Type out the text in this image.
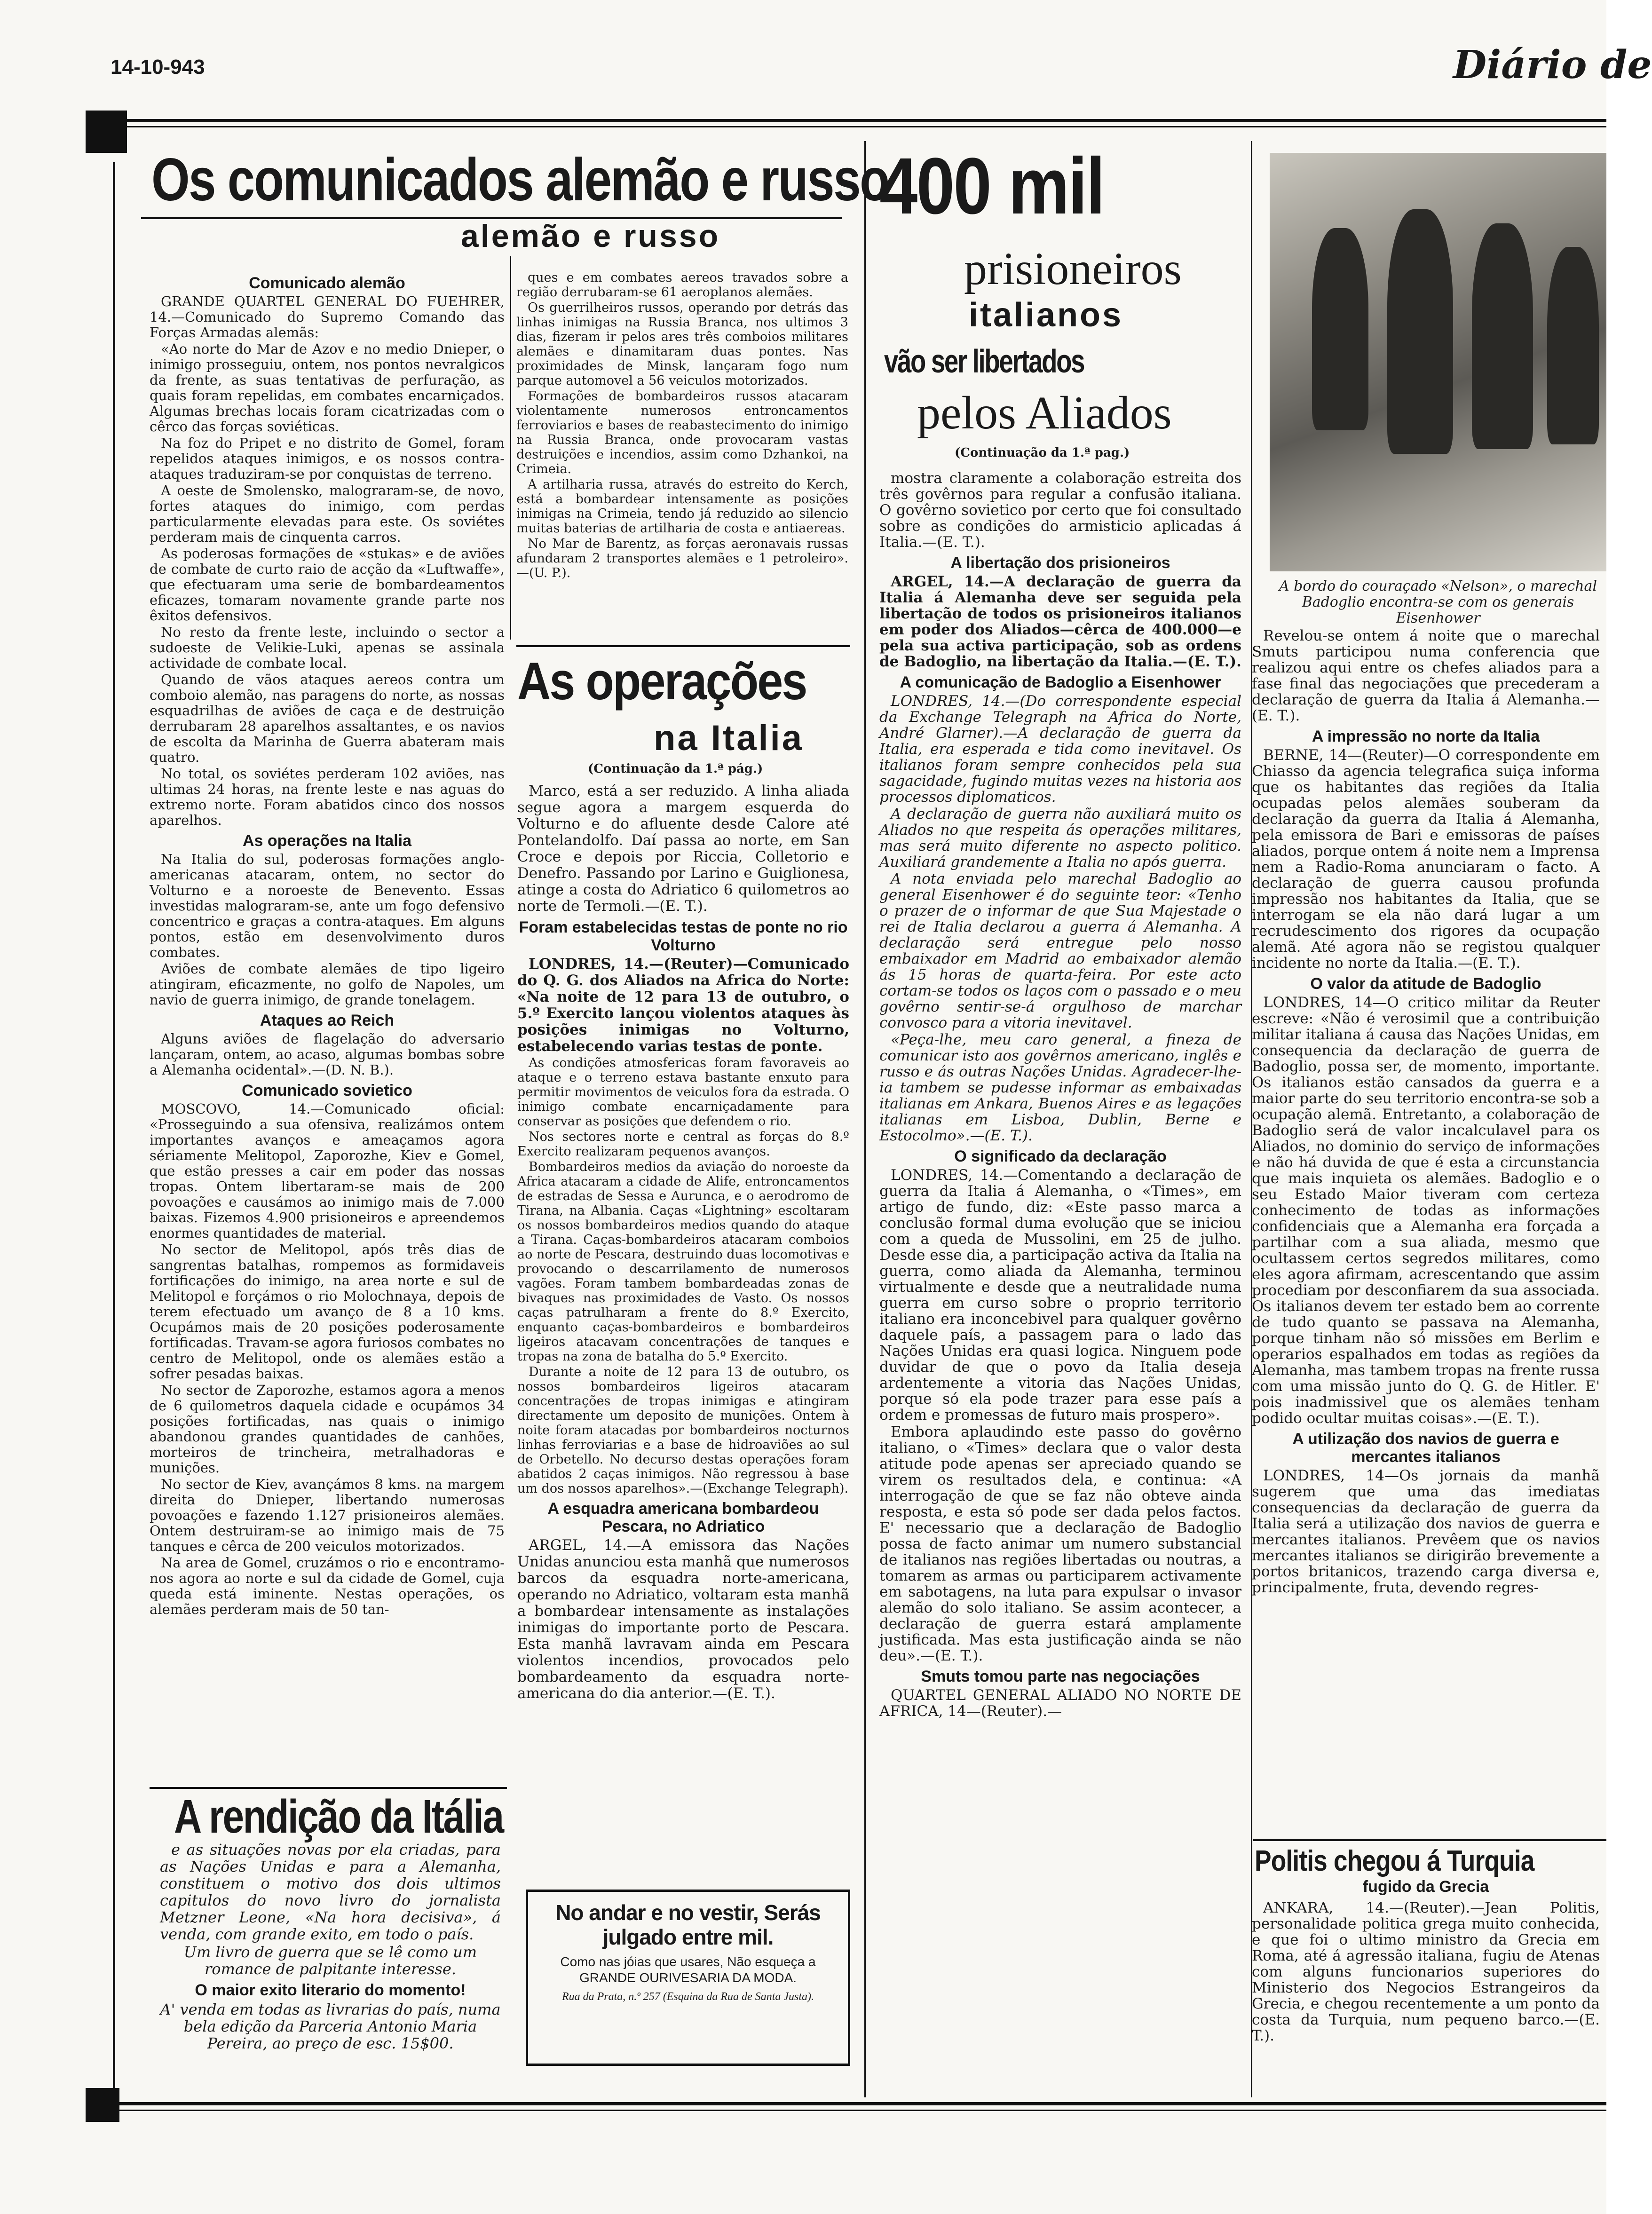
14-10-943	Diário de
Os comunicados alemão e russo
alemão e russo
Comunicado alemão

GRANDE QUARTEL GENERAL DO FUEHRER, 14.—Comunicado do Supremo Comando das Forças Armadas alemãs:

«Ao norte do Mar de Azov e no medio Dnieper, o inimigo prosseguiu, ontem, nos pontos nevralgicos da frente, as suas tentativas de perfuração, as quais foram repelidas, em combates encarniçados. Algumas brechas locais foram cicatrizadas com o cêrco das forças soviéticas.

Na foz do Pripet e no distrito de Gomel, foram repelidos ataques inimigos, e os nossos contra-ataques traduziram-se por conquistas de terreno.

A oeste de Smolensko, malograram-se, de novo, fortes ataques do inimigo, com perdas particularmente elevadas para este. Os soviétes perderam mais de cinquenta carros.

As poderosas formações de «stukas» e de aviões de combate de curto raio de acção da «Luftwaffe», que efectuaram uma serie de bombardeamentos eficazes, tomaram novamente grande parte nos êxitos defensivos.

No resto da frente leste, incluindo o sector a sudoeste de Velikie-Luki, apenas se assinala actividade de combate local.

Quando de vãos ataques aereos contra um comboio alemão, nas paragens do norte, as nossas esquadrilhas de aviões de caça e de destruição derrubaram 28 aparelhos assaltantes, e os navios de escolta da Marinha de Guerra abateram mais quatro.

No total, os soviétes perderam 102 aviões, nas ultimas 24 horas, na frente leste e nas aguas do extremo norte. Foram abatidos cinco dos nossos aparelhos.

As operações na Italia

Na Italia do sul, poderosas formações anglo-americanas atacaram, ontem, no sector do Volturno e a noroeste de Benevento. Essas investidas malograram-se, ante um fogo defensivo concentrico e graças a contra-ataques. Em alguns pontos, estão em desenvolvimento duros combates.

Aviões de combate alemães de tipo ligeiro atingiram, eficazmente, no golfo de Napoles, um navio de guerra inimigo, de grande tonelagem.

Ataques ao Reich

Alguns aviões de flagelação do adversario lançaram, ontem, ao acaso, algumas bombas sobre a Alemanha ocidental».—(D. N. B.).

Comunicado sovietico

MOSCOVO, 14.—Comunicado oficial: «Prosseguindo a sua ofensiva, realizámos ontem importantes avanços e ameaçamos agora sériamente Melitopol, Zaporozhe, Kiev e Gomel, que estão presses a cair em poder das nossas tropas. Ontem libertaram-se mais de 200 povoações e causámos ao inimigo mais de 7.000 baixas. Fizemos 4.900 prisioneiros e apreendemos enormes quantidades de material.

No sector de Melitopol, após três dias de sangrentas batalhas, rompemos as formidaveis fortificações do inimigo, na area norte e sul de Melitopol e forçámos o rio Molochnaya, depois de terem efectuado um avanço de 8 a 10 kms. Ocupámos mais de 20 posições poderosamente fortificadas. Travam-se agora furiosos combates no centro de Melitopol, onde os alemães estão a sofrer pesadas baixas.

No sector de Zaporozhe, estamos agora a menos de 6 quilometros daquela cidade e ocupámos 34 posições fortificadas, nas quais o inimigo abandonou grandes quantidades de canhões, morteiros de trincheira, metralhadoras e munições.

No sector de Kiev, avançámos 8 kms. na margem direita do Dnieper, libertando numerosas povoações e fazendo 1.127 prisioneiros alemães. Ontem destruiram-se ao inimigo mais de 75 tanques e cêrca de 200 veiculos motorizados.

Na area de Gomel, cruzámos o rio e encontramo-nos agora ao norte e sul da cidade de Gomel, cuja queda está iminente. Nestas operações, os alemães perderam mais de 50 tan-

ques e em combates aereos travados sobre a região derrubaram-se 61 aeroplanos alemães.

Os guerrilheiros russos, operando por detrás das linhas inimigas na Russia Branca, nos ultimos 3 dias, fizeram ir pelos ares três comboios militares alemães e dinamitaram duas pontes. Nas proximidades de Minsk, lançaram fogo num parque automovel a 56 veiculos motorizados.

Formações de bombardeiros russos atacaram violentamente numerosos entroncamentos ferroviarios e bases de reabastecimento do inimigo na Russia Branca, onde provocaram vastas destruições e incendios, assim como Dzhankoi, na Crimeia.

A artilharia russa, através do estreito do Kerch, está a bombardear intensamente as posições inimigas na Crimeia, tendo já reduzido ao silencio muitas baterias de artilharia de costa e antiaereas.

No Mar de Barentz, as forças aeronavais russas afundaram 2 transportes alemães e 1 petroleiro».—(U. P.).

As operações
na Italia
(Continuação da 1.ª pág.)

Marco, está a ser reduzido. A linha aliada segue agora a margem esquerda do Volturno e do afluente desde Calore até Pontelandolfo. Daí passa ao norte, em San Croce e depois por Riccia, Colletorio e Denefro. Passando por Larino e Guiglionesa, atinge a costa do Adriatico 6 quilometros ao norte de Termoli.—(E. T.).

Foram estabelecidas testas de ponte no rio Volturno

LONDRES, 14.—(Reuter)—Comunicado do Q. G. dos Aliados na Africa do Norte: «Na noite de 12 para 13 de outubro, o 5.º Exercito lançou violentos ataques às posições inimigas no Volturno, estabelecendo varias testas de ponte.

As condições atmosfericas foram favoraveis ao ataque e o terreno estava bastante enxuto para permitir movimentos de veiculos fora da estrada. O inimigo combate encarniçadamente para conservar as posições que defendem o rio.

Nos sectores norte e central as forças do 8.º Exercito realizaram pequenos avanços.

Bombardeiros medios da aviação do noroeste da Africa atacaram a cidade de Alife, entroncamentos de estradas de Sessa e Aurunca, e o aerodromo de Tirana, na Albania. Caças «Lightning» escoltaram os nossos bombardeiros medios quando do ataque a Tirana. Caças-bombardeiros atacaram comboios ao norte de Pescara, destruindo duas locomotivas e provocando o descarrilamento de numerosos vagões. Foram tambem bombardeadas zonas de bivaques nas proximidades de Vasto. Os nossos caças patrulharam a frente do 8.º Exercito, enquanto caças-bombardeiros e bombardeiros ligeiros atacavam concentrações de tanques e tropas na zona de batalha do 5.º Exercito.

Durante a noite de 12 para 13 de outubro, os nossos bombardeiros ligeiros atacaram concentrações de tropas inimigas e atingiram directamente um deposito de munições. Ontem à noite foram atacadas por bombardeiros nocturnos linhas ferroviarias e a base de hidroaviões ao sul de Orbetello. No decurso destas operações foram abatidos 2 caças inimigos. Não regressou à base um dos nossos aparelhos».—(Exchange Telegraph).

A esquadra americana bombardeou Pescara, no Adriatico

ARGEL, 14.—A emissora das Nações Unidas anunciou esta manhã que numerosos barcos da esquadra norte-americana, operando no Adriatico, voltaram esta manhã a bombardear intensamente as instalações inimigas do importante porto de Pescara. Esta manhã lavravam ainda em Pescara violentos incendios, provocados pelo bombardeamento da esquadra norte-americana do dia anterior.—(E. T.).

A rendição da Itália

e as situações novas por ela criadas, para as Nações Unidas e para a Alemanha, constituem o motivo dos dois ultimos capitulos do novo livro do jornalista Metzner Leone, «Na hora decisiva», á venda, com grande exito, em todo o país.

Um livro de guerra que se lê como um romance de palpitante interesse.

O maior exito literario do momento!

A' venda em todas as livrarias do país, numa bela edição da Parceria Antonio Maria Pereira, ao preço de esc. 15$00.

No andar e no vestir, Serás julgado entre mil.
Como nas jóias que usares, Não esqueça a GRANDE OURIVESARIA DA MODA.
Rua da Prata, n.º 257 (Esquina da Rua de Santa Justa).
400 mil
prisioneiros
italianos
vão ser libertados
pelos Aliados
(Continuação da 1.ª pag.)

mostra claramente a colaboração estreita dos três govêrnos para regular a confusão italiana. O govêrno sovietico por certo que foi consultado sobre as condições do armisticio aplicadas á Italia.—(E. T.).

A libertação dos prisioneiros

ARGEL, 14.—A declaração de guerra da Italia á Alemanha deve ser seguida pela libertação de todos os prisioneiros italianos em poder dos Aliados—cêrca de 400.000—e pela sua activa participação, sob as ordens de Badoglio, na libertação da Italia.—(E. T.).

A comunicação de Badoglio a Eisenhower

LONDRES, 14.—(Do correspondente especial da Exchange Telegraph na Africa do Norte, André Glarner).—A declaração de guerra da Italia, era esperada e tida como inevitavel. Os italianos foram sempre conhecidos pela sua sagacidade, fugindo muitas vezes na historia aos processos diplomaticos.

A declaração de guerra não auxiliará muito os Aliados no que respeita ás operações militares, mas será muito diferente no aspecto politico. Auxiliará grandemente a Italia no após guerra.

A nota enviada pelo marechal Badoglio ao general Eisenhower é do seguinte teor: «Tenho o prazer de o informar de que Sua Majestade o rei de Italia declarou a guerra á Alemanha. A declaração será entregue pelo nosso embaixador em Madrid ao embaixador alemão ás 15 horas de quarta-feira. Por este acto cortam-se todos os laços com o passado e o meu govêrno sentir-se-á orgulhoso de marchar convosco para a vitoria inevitavel.

«Peça-lhe, meu caro general, a fineza de comunicar isto aos govêrnos americano, inglês e russo e ás outras Nações Unidas. Agradecer-lhe-ia tambem se pudesse informar as embaixadas italianas em Ankara, Buenos Aires e as legações italianas em Lisboa, Dublin, Berne e Estocolmo».—(E. T.).

O significado da declaração

LONDRES, 14.—Comentando a declaração de guerra da Italia á Alemanha, o «Times», em artigo de fundo, diz: «Este passo marca a conclusão formal duma evolução que se iniciou com a queda de Mussolini, em 25 de julho. Desde esse dia, a participação activa da Italia na guerra, como aliada da Alemanha, terminou virtualmente e desde que a neutralidade numa guerra em curso sobre o proprio territorio italiano era inconcebivel para qualquer govêrno daquele país, a passagem para o lado das Nações Unidas era quasi logica. Ninguem pode duvidar de que o povo da Italia deseja ardentemente a vitoria das Nações Unidas, porque só ela pode trazer para esse país a ordem e promessas de futuro mais prospero».

Embora aplaudindo este passo do govêrno italiano, o «Times» declara que o valor desta atitude pode apenas ser apreciado quando se virem os resultados dela, e continua: «A interrogação de que se faz não obteve ainda resposta, e esta só pode ser dada pelos factos. E' necessario que a declaração de Badoglio possa de facto animar um numero substancial de italianos nas regiões libertadas ou noutras, a tomarem as armas ou participarem activamente em sabotagens, na luta para expulsar o invasor alemão do solo italiano. Se assim acontecer, a declaração de guerra estará amplamente justificada. Mas esta justificação ainda se não deu».—(E. T.).

Smuts tomou parte nas negociações

QUARTEL GENERAL ALIADO NO NORTE DE AFRICA, 14—(Reuter).—

A bordo do couraçado «Nelson», o marechal Badoglio encontra-se com os generais Eisenhower

Revelou-se ontem á noite que o marechal Smuts participou numa conferencia que realizou aqui entre os chefes aliados para a fase final das negociações que precederam a declaração de guerra da Italia á Alemanha.—(E. T.).

A impressão no norte da Italia

BERNE, 14—(Reuter)—O correspondente em Chiasso da agencia telegrafica suiça informa que os habitantes das regiões da Italia ocupadas pelos alemães souberam da declaração da guerra da Italia á Alemanha, pela emissora de Bari e emissoras de países aliados, porque ontem á noite nem a Imprensa nem a Radio-Roma anunciaram o facto. A declaração de guerra causou profunda impressão nos habitantes da Italia, que se interrogam se ela não dará lugar a um recrudescimento dos rigores da ocupação alemã. Até agora não se registou qualquer incidente no norte da Italia.—(E. T.).

O valor da atitude de Badoglio

LONDRES, 14—O critico militar da Reuter escreve: «Não é verosimil que a contribuição militar italiana á causa das Nações Unidas, em consequencia da declaração de guerra de Badoglio, possa ser, de momento, importante. Os italianos estão cansados da guerra e a maior parte do seu territorio encontra-se sob a ocupação alemã. Entretanto, a colaboração de Badoglio será de valor incalculavel para os Aliados, no dominio do serviço de informações e não há duvida de que é esta a circunstancia que mais inquieta os alemães. Badoglio e o seu Estado Maior tiveram com certeza conhecimento de todas as informações confidenciais que a Alemanha era forçada a partilhar com a sua aliada, mesmo que ocultassem certos segredos militares, como eles agora afirmam, acrescentando que assim procediam por desconfiarem da sua associada. Os italianos devem ter estado bem ao corrente de tudo quanto se passava na Alemanha, porque tinham não só missões em Berlim e operarios espalhados em todas as regiões da Alemanha, mas tambem tropas na frente russa com uma missão junto do Q. G. de Hitler. E' pois inadmissivel que os alemães tenham podido ocultar muitas coisas».—(E. T.).

A utilização dos navios de guerra e mercantes italianos

LONDRES, 14—Os jornais da manhã sugerem que uma das imediatas consequencias da declaração de guerra da Italia será a utilização dos navios de guerra e mercantes italianos. Prevêem que os navios mercantes italianos se dirigirão brevemente a portos britanicos, trazendo carga diversa e, principalmente, fruta, devendo regres-

Politis chegou á Turquia
fugido da Grecia

ANKARA, 14.—(Reuter).—Jean Politis, personalidade politica grega muito conhecida, e que foi o ultimo ministro da Grecia em Roma, até á agressão italiana, fugiu de Atenas com alguns funcionarios superiores do Ministerio dos Negocios Estrangeiros da Grecia, e chegou recentemente a um ponto da costa da Turquia, num pequeno barco.—(E. T.).
